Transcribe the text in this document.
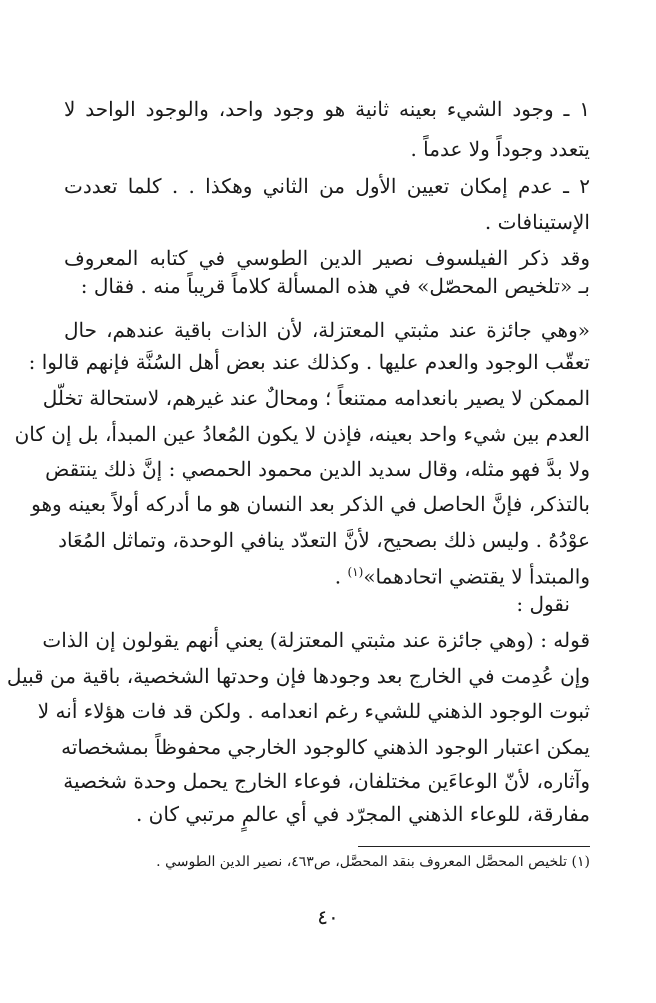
١ ـ وجود الشيء بعينه ثانية هو وجود واحد، والوجود الواحد لا
يتعدد وجوداً ولا عدماً .
٢ ـ عدم إمكان تعيين الأول من الثاني وهكذا . . كلما تعددت
الإستينافات .
وقد ذكر الفيلسوف نصير الدين الطوسي في كتابه المعروف
بـ «تلخيص المحصّل» في هذه المسألة كلاماً قريباً منه . فقال :
«وهي جائزة عند مثبتي المعتزلة، لأن الذات باقية عندهم، حال
تعقّب الوجود والعدم عليها . وكذلك عند بعض أهل السُنَّة فإنهم قالوا :
الممكن لا يصير بانعدامه ممتنعاً ؛ ومحالٌ عند غيرهم، لاستحالة تخلّل
العدم بين شيء واحد بعينه، فإذن لا يكون المُعادُ عين المبدأ، بل إن كان
ولا بدَّ فهو مثله، وقال سديد الدين محمود الحمصي : إنَّ ذلك ينتقض
بالتذكر، فإنَّ الحاصل في الذكر بعد النسان هو ما أدركه أولاً بعينه وهو
عوْدُهُ . وليس ذلك بصحيح، لأنَّ التعدّد ينافي الوحدة، وتماثل المُعَاد
والمبتدأ لا يقتضي اتحادهما»$^{(١)}$ .
نقول :
قوله : (وهي جائزة عند مثبتي المعتزلة) يعني أنهم يقولون إن الذات
وإن عُدِمت في الخارج بعد وجودها فإن وحدتها الشخصية، باقية من قبيل
ثبوت الوجود الذهني للشيء رغم انعدامه . ولكن قد فات هؤلاء أنه لا
يمكن اعتبار الوجود الذهني كالوجود الخارجي محفوظاً بمشخصاته
وآثاره، لأنّ الوعاءَين مختلفان، فوعاء الخارج يحمل وحدة شخصية
مفارقة، للوعاء الذهني المجرّد في أي عالمٍ مرتبي كان .
(١) تلخيص المحصَّل المعروف بنقد المحصَّل، ص٤٦٣، نصير الدين الطوسي .
٤٠
